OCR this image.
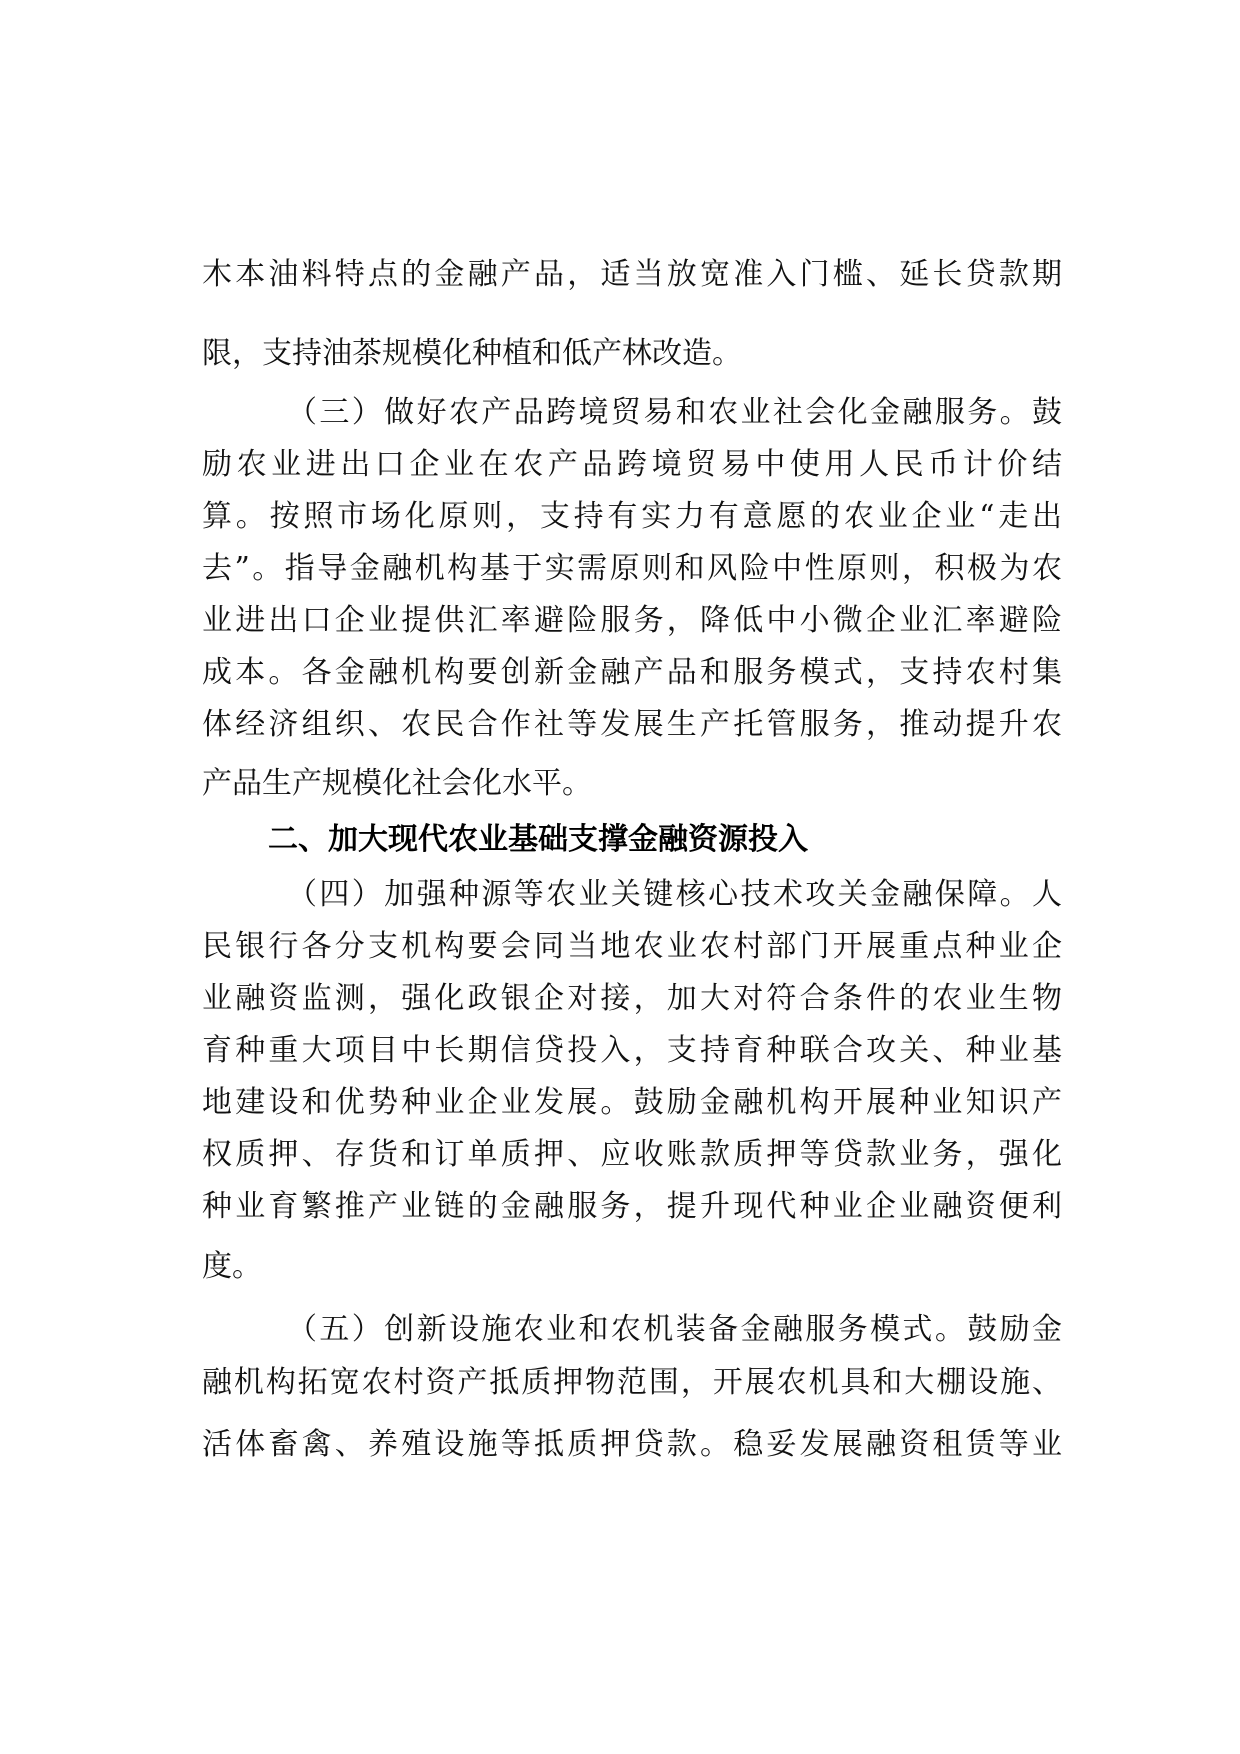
木本油料特点的金融产品，适当放宽准入门槛、延长贷款期
限，支持油茶规模化种植和低产林改造。
（三）做好农产品跨境贸易和农业社会化金融服务。鼓
励农业进出口企业在农产品跨境贸易中使用人民币计价结
算。按照市场化原则，支持有实力有意愿的农业企业“走出
去”。指导金融机构基于实需原则和风险中性原则，积极为农
业进出口企业提供汇率避险服务，降低中小微企业汇率避险
成本。各金融机构要创新金融产品和服务模式，支持农村集
体经济组织、农民合作社等发展生产托管服务，推动提升农
产品生产规模化社会化水平。
二、加大现代农业基础支撑金融资源投入
（四）加强种源等农业关键核心技术攻关金融保障。人
民银行各分支机构要会同当地农业农村部门开展重点种业企
业融资监测，强化政银企对接，加大对符合条件的农业生物
育种重大项目中长期信贷投入，支持育种联合攻关、种业基
地建设和优势种业企业发展。鼓励金融机构开展种业知识产
权质押、存货和订单质押、应收账款质押等贷款业务，强化
种业育繁推产业链的金融服务，提升现代种业企业融资便利
度。
（五）创新设施农业和农机装备金融服务模式。鼓励金
融机构拓宽农村资产抵质押物范围，开展农机具和大棚设施、
活体畜禽、养殖设施等抵质押贷款。稳妥发展融资租赁等业
